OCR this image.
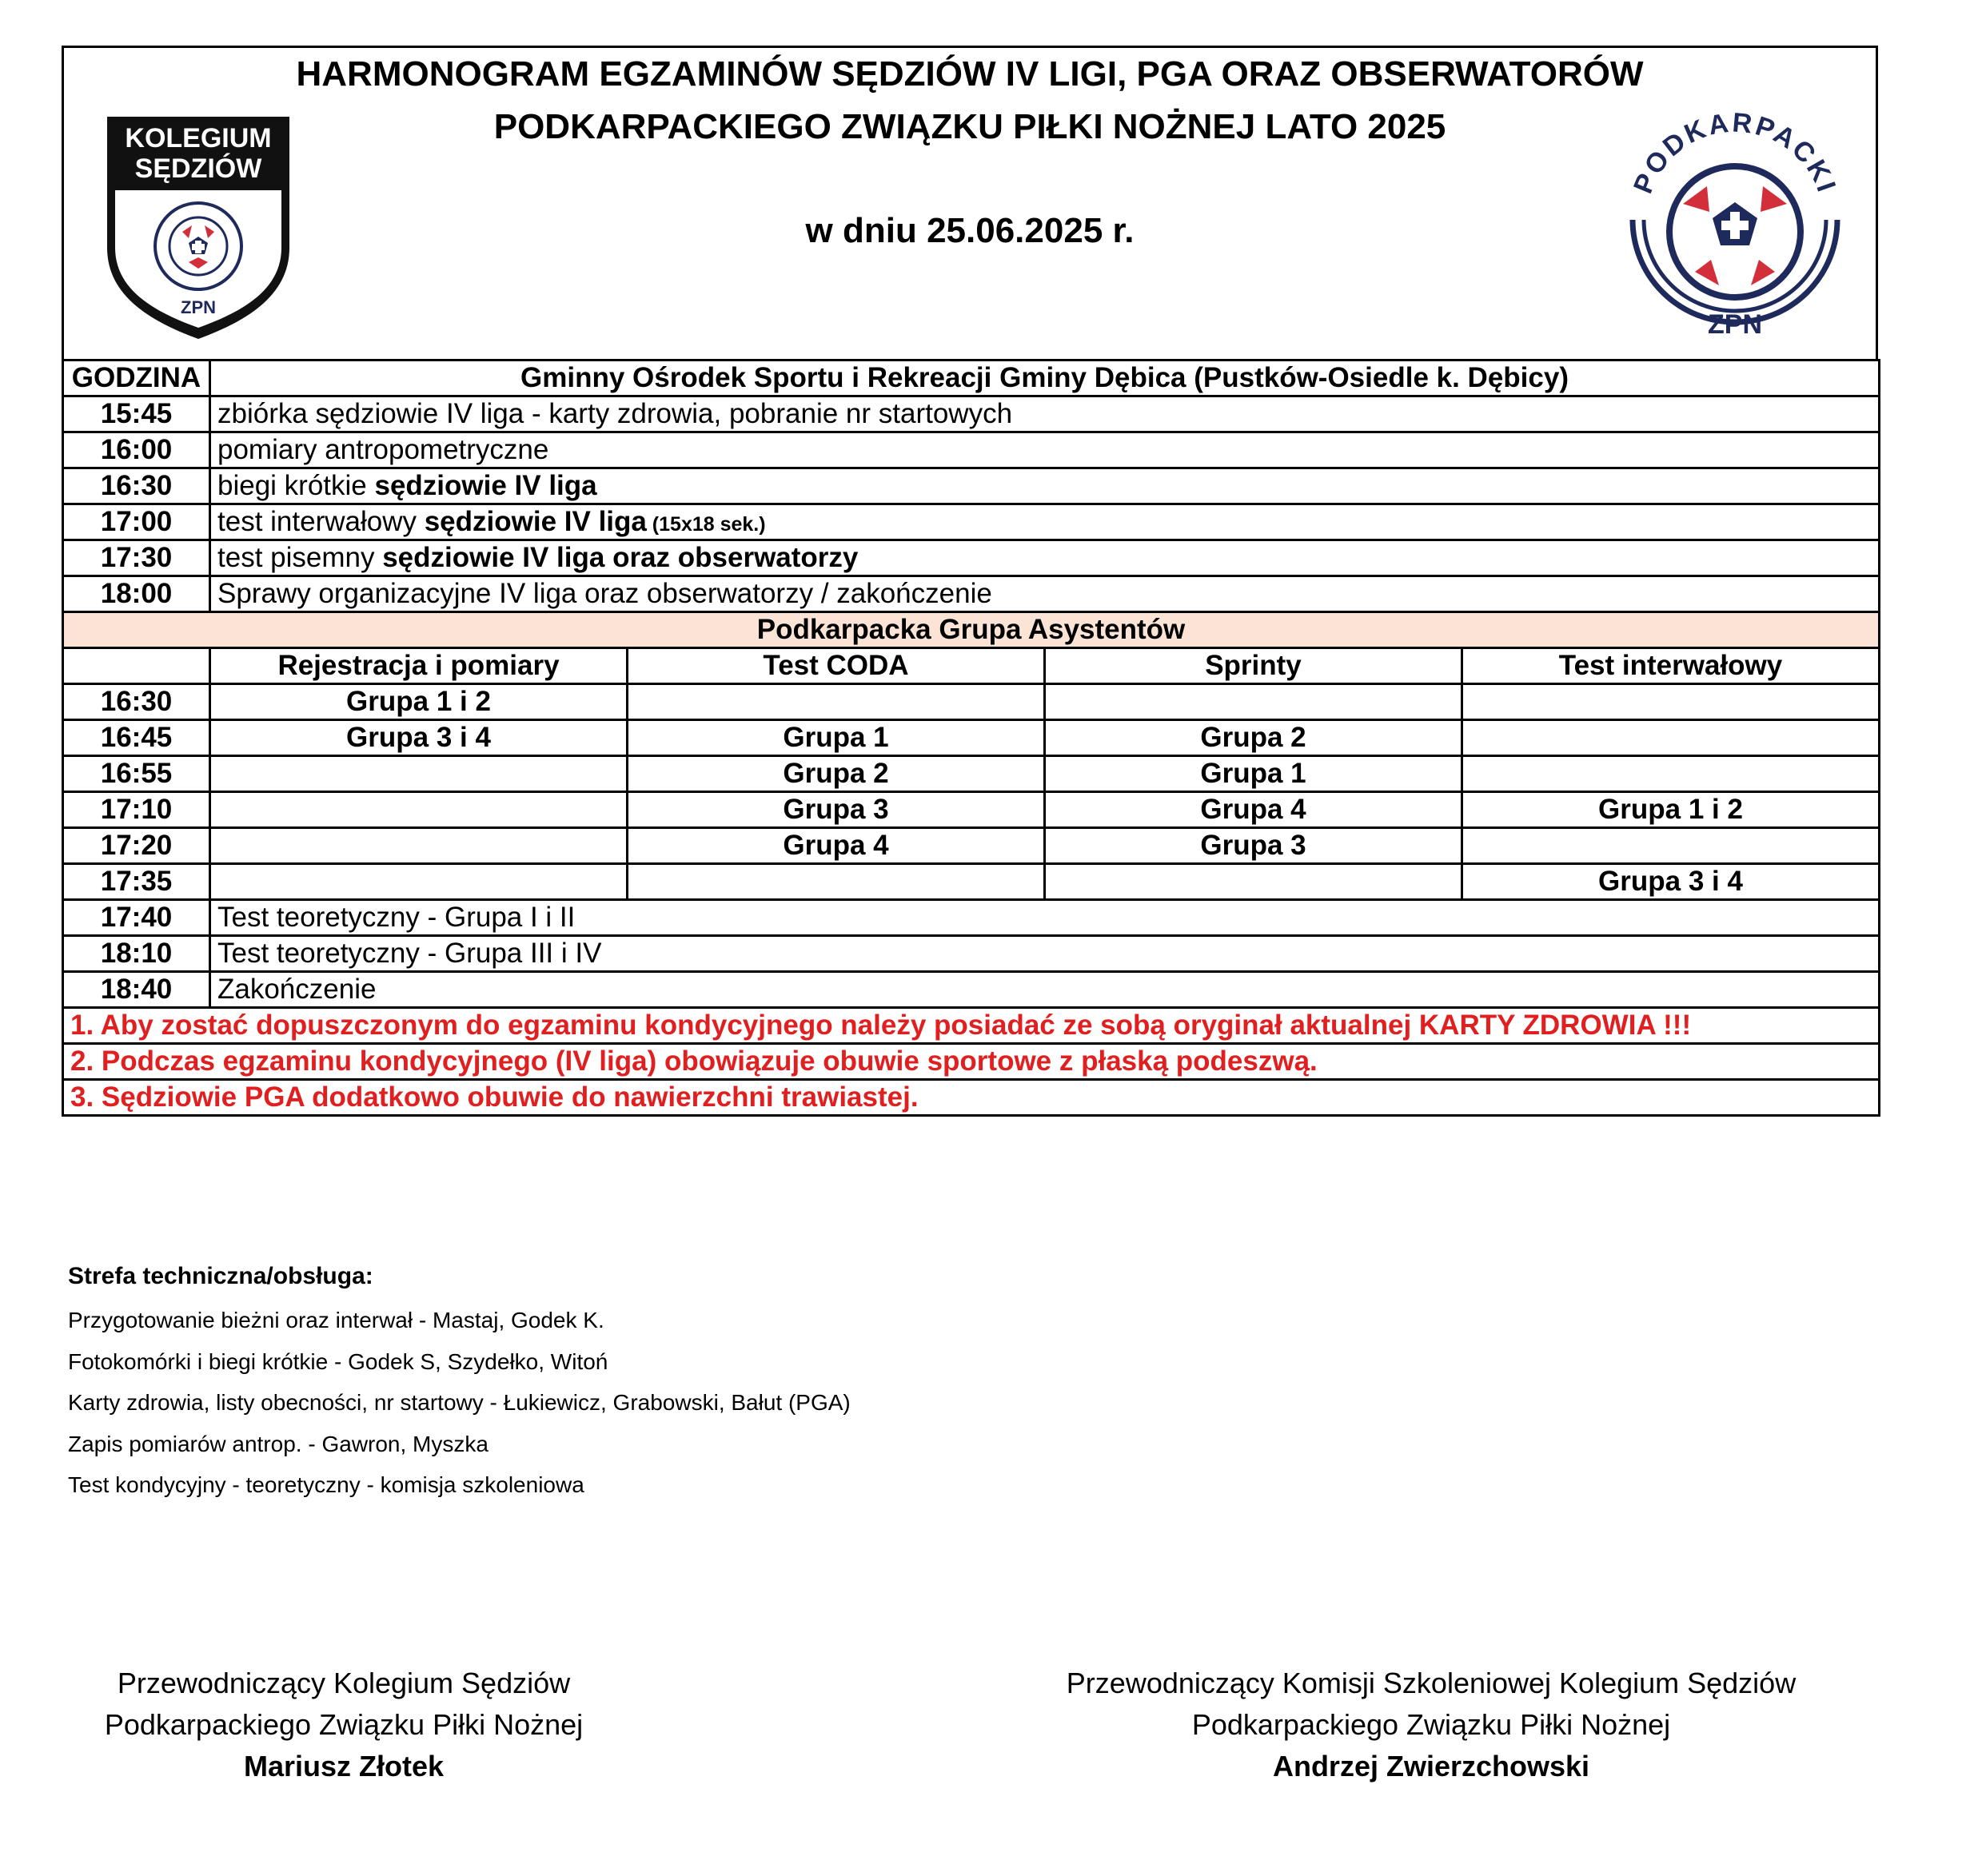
HARMONOGRAM EGZAMINÓW SĘDZIÓW IV LIGI, PGA ORAZ OBSERWATORÓW
PODKARPACKIEGO ZWIĄZKU PIŁKI NOŻNEJ LATO 2025
w dniu 25.06.2025 r.
KOLEGIUM
SĘDZIÓW
ZPN
PODKARPACKI
ZPN
GODZINA	Gminny Ośrodek Sportu i Rekreacji Gminy Dębica (Pustków-Osiedle k. Dębicy)			
15:45	zbiórka sędziowie IV liga - karty zdrowia, pobranie nr startowych			
16:00	pomiary antropometryczne			
16:30	biegi krótkie sędziowie IV liga			
17:00	test interwałowy sędziowie IV liga (15x18 sek.)			
17:30	test pisemny sędziowie IV liga oraz obserwatorzy			
18:00	Sprawy organizacyjne IV liga oraz obserwatorzy / zakończenie			
Podkarpacka Grupa Asystentów				
	Rejestracja i pomiary	Test CODA	Sprinty	Test interwałowy
16:30	Grupa 1 i 2			
16:45	Grupa 3 i 4	Grupa 1	Grupa 2	
16:55		Grupa 2	Grupa 1	
17:10		Grupa 3	Grupa 4	Grupa 1 i 2
17:20		Grupa 4	Grupa 3	
17:35				Grupa 3 i 4
17:40	Test teoretyczny - Grupa I i II			
18:10	Test teoretyczny - Grupa III i IV			
18:40	Zakończenie			
1. Aby zostać dopuszczonym do egzaminu kondycyjnego należy posiadać ze sobą oryginał aktualnej KARTY ZDROWIA !!!				
2. Podczas egzaminu kondycyjnego (IV liga) obowiązuje obuwie sportowe z płaską podeszwą.				
3. Sędziowie PGA dodatkowo obuwie do nawierzchni trawiastej.				
Strefa techniczna/obsługa:
Przygotowanie bieżni oraz interwał - Mastaj, Godek K.
Fotokomórki i biegi krótkie - Godek S, Szydełko, Witoń
Karty zdrowia, listy obecności, nr startowy - Łukiewicz, Grabowski, Bałut (PGA)
Zapis pomiarów antrop. - Gawron, Myszka
Test kondycyjny - teoretyczny - komisja szkoleniowa
Przewodniczący Kolegium Sędziów
Podkarpackiego Związku Piłki Nożnej
Mariusz Złotek
Przewodniczący Komisji Szkoleniowej Kolegium Sędziów
Podkarpackiego Związku Piłki Nożnej
Andrzej Zwierzchowski
